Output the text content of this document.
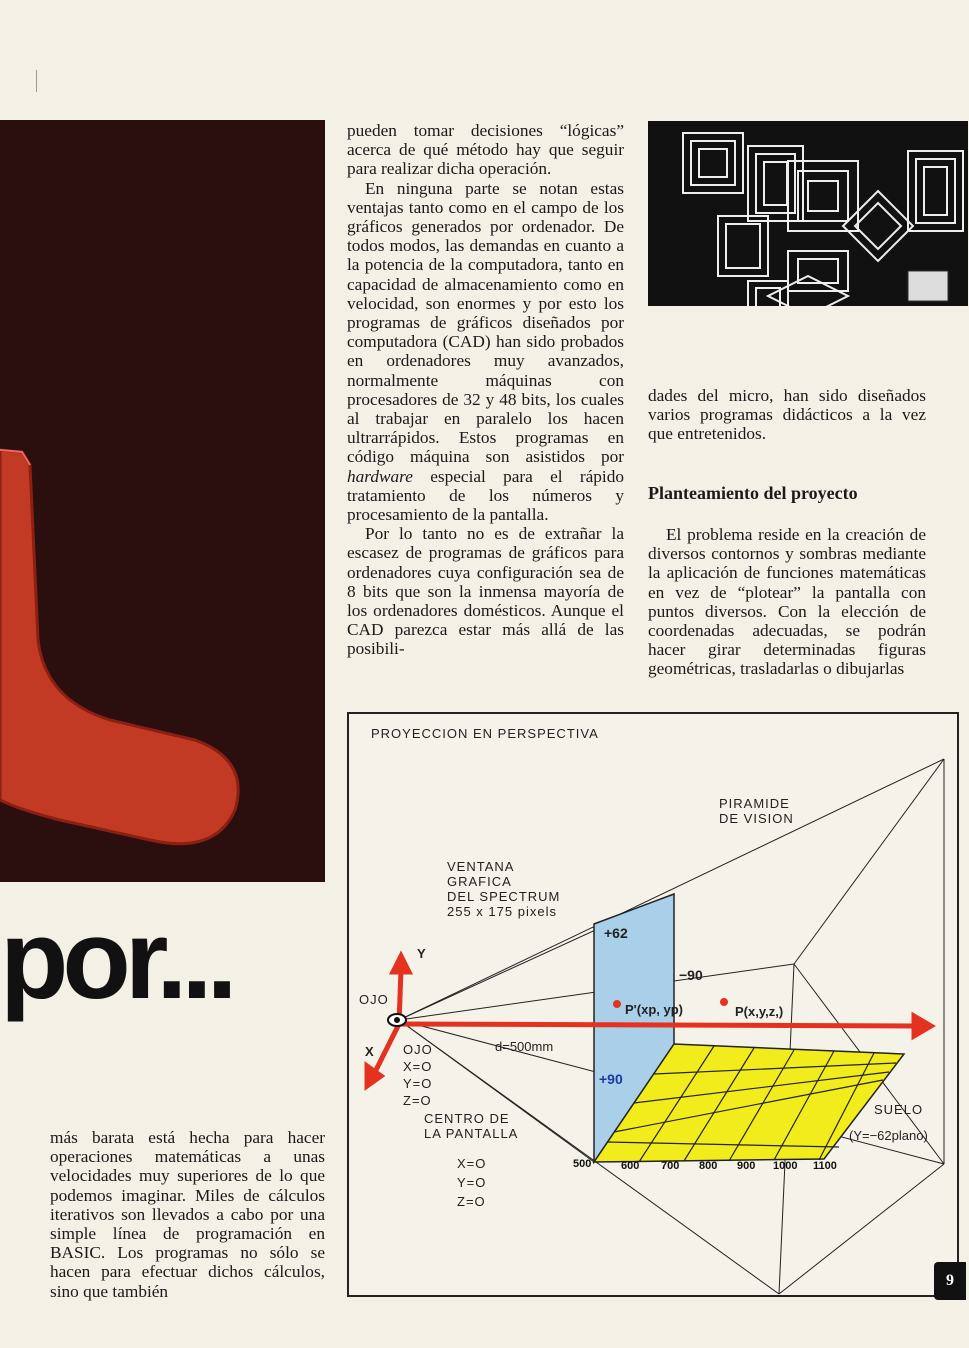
por...

más barata está hecha para hacer operaciones matemáticas a unas velocidades muy superiores de lo que podemos imaginar. Miles de cálculos iterativos son llevados a cabo por una simple línea de programación en BASIC. Los programas no sólo se hacen para efectuar dichos cálculos, sino que también

pueden tomar decisiones “lógicas” acerca de qué método hay que seguir para realizar dicha operación.

En ninguna parte se notan estas ventajas tanto como en el campo de los gráficos generados por ordenador. De todos modos, las demandas en cuanto a la potencia de la computadora, tanto en capacidad de almacenamiento como en velocidad, son enormes y por esto los programas de gráficos diseñados por computadora (CAD) han sido probados en ordenadores muy avanzados, normalmente máquinas con procesadores de 32 y 48 bits, los cuales al trabajar en paralelo los hacen ultrarrápidos. Estos programas en código máquina son asistidos por hardware especial para el rápido tratamiento de los números y procesamiento de la pantalla.

Por lo tanto no es de extrañar la escasez de programas de gráficos para ordenadores cuya configuración sea de 8 bits que son la inmensa mayoría de los ordenadores domésticos. Aunque el CAD parezca estar más allá de las posibili-

dades del micro, han sido diseñados varios programas didácticos a la vez que entretenidos.
Planteamiento del proyecto

El problema reside en la creación de diversos contornos y sombras mediante la aplicación de funciones matemáticas en vez de “plotear” la pantalla con puntos diversos. Con la elección de coordenadas adecuadas, se podrán hacer girar determinadas figuras geométricas, trasladarlas o dibujarlas

PROYECCION EN PERSPECTIVA
PIRAMIDE
DE VISION
VENTANA
GRAFICA
DEL SPECTRUM
255 x 175 pixels
OJO
Y
X OJO
X=O
Y=O
Z=O
CENTRO DE
LA PANTALLA
X=O
Y=O
Z=O
+62
−90
+90
P'(xp, yp)	P(x,y,z,)
d=500mm
SUELO
(Y=−62plano)
500	600 700 800 900 1000 1100
9
